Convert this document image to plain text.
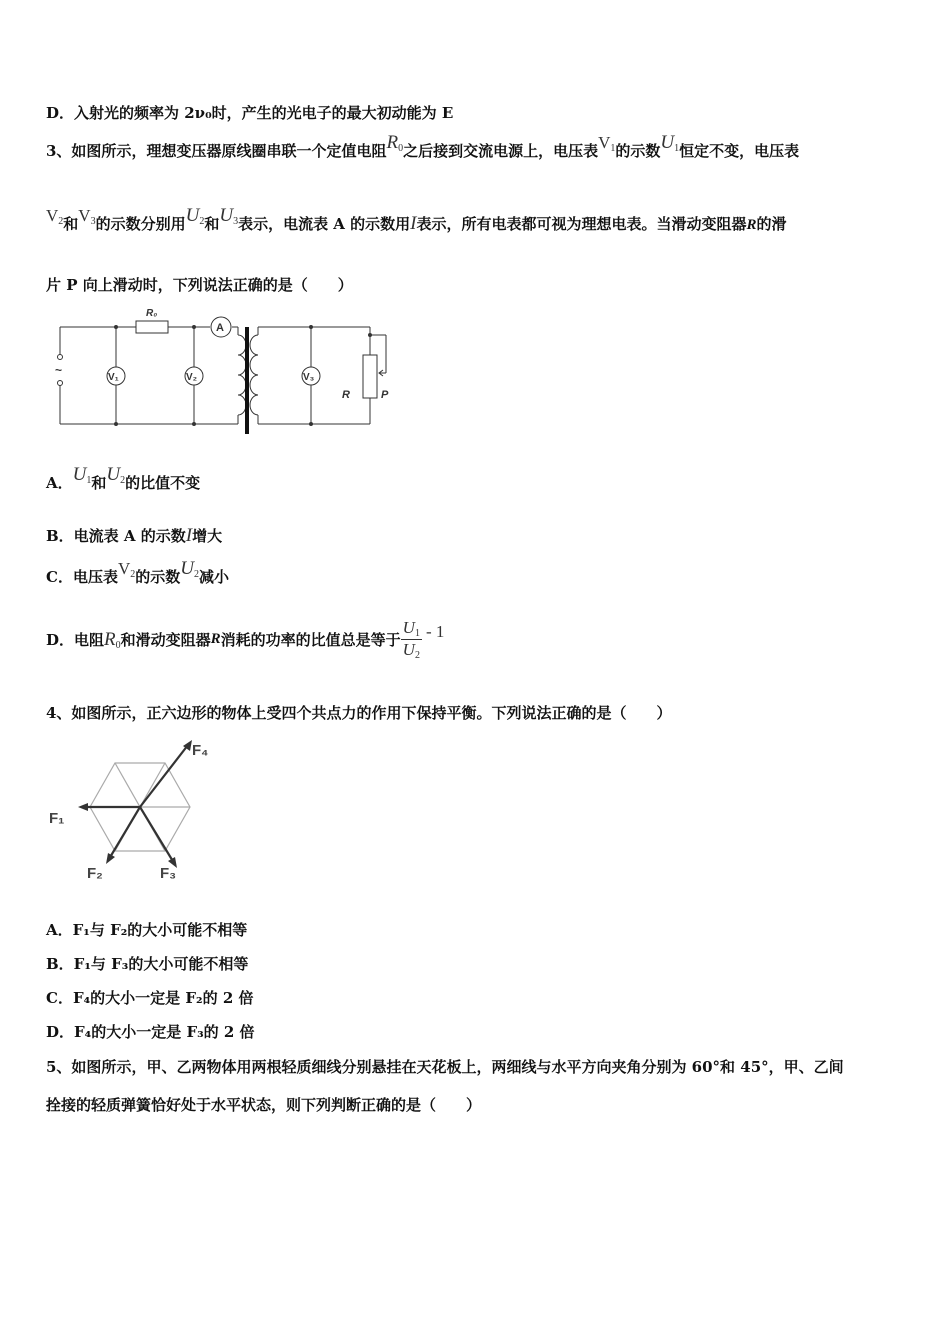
D．入射光的频率为 2ν₀时，产生的光电子的最大初动能为 E
3、如图所示，理想变压器原线圈串联一个定值电阻$R_0$之后接到交流电源上，电压表$V_1$的示数$U_1$恒定不变，电压表
$V_2$和$V_3$的示数分别用$U_2$和$U_3$表示，电流表 A 的示数用I表示，所有电表都可视为理想电表。当滑动变阻器R的滑
片 P 向上滑动时，下列说法正确的是（　　）
R₀
A
V₁	V₂	V₃
~
R	P
A．$U_1$和$U_2$的比值不变
B．电流表 A 的示数I增大
C．电压表$V_2$的示数$U_2$减小
D．电阻$R_0$和滑动变阻器R消耗的功率的比值总是等于 $\frac{U_1}{U_2} - 1$
4、如图所示，正六边形的物体上受四个共点力的作用下保持平衡。下列说法正确的是（　　）
F₁
F₂	F₃
F₄
A．F₁与 F₂的大小可能不相等
B．F₁与 F₃的大小可能不相等
C．F₄的大小一定是 F₂的 2 倍
D．F₄的大小一定是 F₃的 2 倍
5、如图所示，甲、乙两物体用两根轻质细线分别悬挂在天花板上，两细线与水平方向夹角分别为 60°和 45°，甲、乙间
拴接的轻质弹簧恰好处于水平状态，则下列判断正确的是（　　）
